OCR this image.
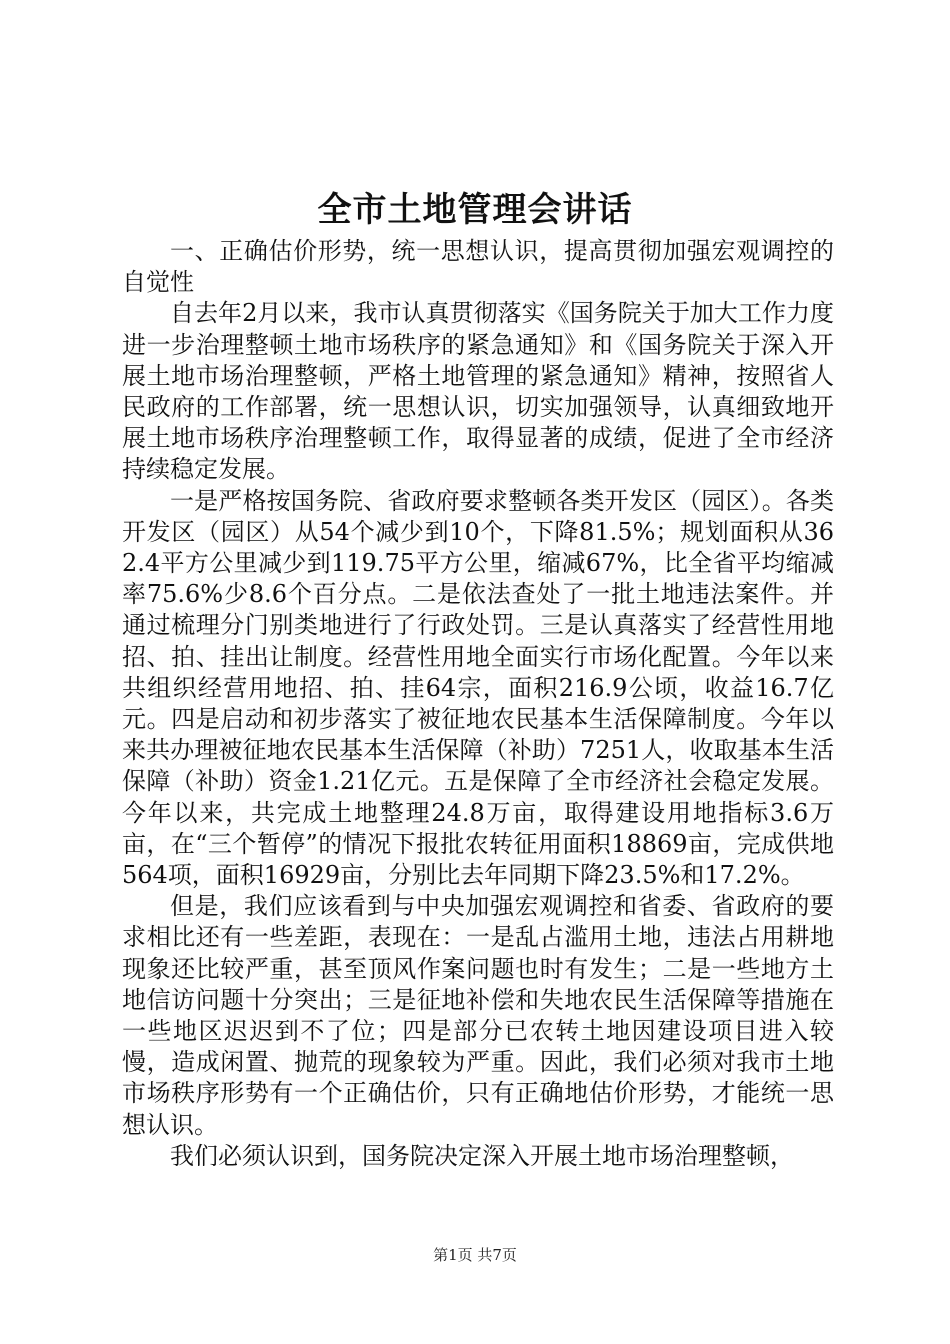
全市土地管理会讲话

一、正确估价形势，统一思想认识，提高贯彻加强宏观调控的自觉性

自去年2月以来，我市认真贯彻落实《国务院关于加大工作力度进一步治理整顿土地市场秩序的紧急通知》和《国务院关于深入开展土地市场治理整顿，严格土地管理的紧急通知》精神，按照省人民政府的工作部署，统一思想认识，切实加强领导，认真细致地开展土地市场秩序治理整顿工作，取得显著的成绩，促进了全市经济持续稳定发展。

一是严格按国务院、省政府要求整顿各类开发区（园区）。各类开发区（园区）从54个减少到10个，下降81.5%；规划面积从362.4平方公里减少到119.75平方公里，缩减67%，比全省平均缩减率75.6%少8.6个百分点。二是依法查处了一批土地违法案件。并通过梳理分门别类地进行了行政处罚。三是认真落实了经营性用地招、拍、挂出让制度。经营性用地全面实行市场化配置。今年以来共组织经营用地招、拍、挂64宗，面积216.9公顷，收益16.7亿元。四是启动和初步落实了被征地农民基本生活保障制度。今年以来共办理被征地农民基本生活保障（补助）7251人，收取基本生活保障（补助）资金1.21亿元。五是保障了全市经济社会稳定发展。今年以来，共完成土地整理24.8万亩，取得建设用地指标3.6万亩，在“三个暂停”的情况下报批农转征用面积18869亩，完成供地564项，面积16929亩，分别比去年同期下降23.5%和17.2%。

但是，我们应该看到与中央加强宏观调控和省委、省政府的要求相比还有一些差距，表现在：一是乱占滥用土地，违法占用耕地现象还比较严重，甚至顶风作案问题也时有发生；二是一些地方土地信访问题十分突出；三是征地补偿和失地农民生活保障等措施在一些地区迟迟到不了位；四是部分已农转土地因建设项目进入较慢，造成闲置、抛荒的现象较为严重。因此，我们必须对我市土地市场秩序形势有一个正确估价，只有正确地估价形势，才能统一思想认识。

我们必须认识到，国务院决定深入开展土地市场治理整顿，

第1页 共7页
